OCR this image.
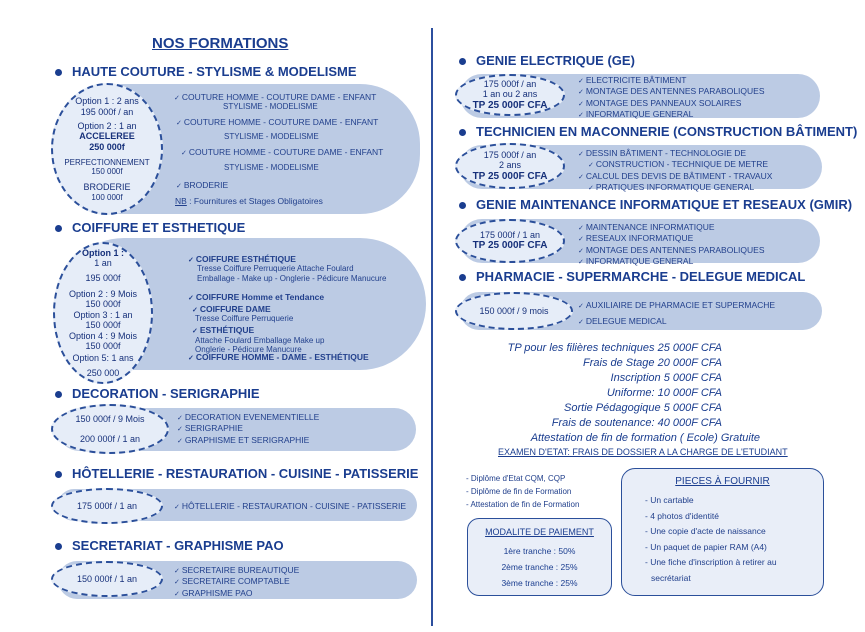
NOS FORMATIONS
HAUTE COUTURE - STYLISME & MODELISME
Option 1 : 2 ans
195 000f / an
Option 2 : 1 an
ACCELEREE
250 000f
PERFECTIONNEMENT
150 000f
BRODERIE
100 000f
✓ COUTURE HOMME - COUTURE DAME - ENFANT
STYLISME - MODELISME
✓ COUTURE HOMME - COUTURE DAME - ENFANT
STYLISME - MODELISME
✓ COUTURE HOMME - COUTURE DAME - ENFANT
STYLISME - MODELISME
✓ BRODERIE
NB : Fournitures et Stages Obligatoires
COIFFURE ET ESTHETIQUE
Option 1 :
1 an
195 000f
Option 2 : 9 Mois
150 000f
Option 3 : 1 an
150 000f
Option 4 : 9 Mois
150 000f
Option 5: 1 ans
250 000
✓ COIFFURE ESTHÉTIQUE
Tresse Coiffure Perruquerie Attache Foulard
Emballage - Make up - Onglerie - Pédicure Manucure
✓ COIFFURE Homme et Tendance
✓ COIFFURE DAME
Tresse Coiffure Perruquerie
✓ ESTHÉTIQUE
Attache Foulard Emballage Make up
Onglerie - Pédicure Manucure
✓ COIFFURE HOMME - DAME - ESTHÉTIQUE
DECORATION - SERIGRAPHIE
150 000f / 9 Mois
200 000f / 1 an
✓ DECORATION EVENEMENTIELLE
✓ SERIGRAPHIE
✓ GRAPHISME ET SERIGRAPHIE
HÔTELLERIE - RESTAURATION - CUISINE - PATISSERIE
175 000f / 1 an
✓	HÔTELLERIE - RESTAURATION - CUISINE - PATISSERIE
SECRETARIAT - GRAPHISME PAO
150 000f / 1 an
✓ SECRETAIRE BUREAUTIQUE
✓ SECRETAIRE COMPTABLE
✓ GRAPHISME PAO
GENIE ELECTRIQUE (GE)
175 000f / an
1 an ou 2 ans
TP 25 000F CFA
✓ ELECTRICITE BÂTIMENT
✓ MONTAGE DES ANTENNES PARABOLIQUES
✓ MONTAGE DES PANNEAUX SOLAIRES
✓ INFORMATIQUE GENERAL
TECHNICIEN EN MACONNERIE (CONSTRUCTION BÂTIMENT)
175 000f / an
2 ans
TP 25 000F CFA
✓ DESSIN BÂTIMENT - TECHNOLOGIE DE
✓ CONSTRUCTION - TECHNIQUE DE METRE
✓ CALCUL DES DEVIS DE BÂTIMENT - TRAVAUX
✓ PRATIQUES INFORMATIQUE GENERAL
GENIE MAINTENANCE INFORMATIQUE ET RESEAUX (GMIR)
175 000f / 1 an
TP 25 000F CFA
✓ MAINTENANCE INFORMATIQUE
✓ RESEAUX INFORMATIQUE
✓ MONTAGE DES ANTENNES PARABOLIQUES
✓ INFORMATIQUE GENERAL
PHARMACIE - SUPERMARCHE - DELEGUE MEDICAL
150 000f / 9 mois
✓ AUXILIAIRE DE PHARMACIE ET SUPERMACHE
✓ DELEGUE MEDICAL
TP pour les filières techniques 25 000F CFA
Frais de Stage 20 000F CFA
Inscription 5 000F CFA
Uniforme: 10 000F CFA
Sortie Pédagogique 5 000F CFA
Frais de soutenance: 40 000F CFA
Attestation de fin de formation ( Ecole) Gratuite
EXAMEN D'ETAT: FRAIS DE DOSSIER A LA CHARGE DE L'ETUDIANT
- Diplôme d'Etat CQM, CQP
- Diplôme de fin de Formation
- Attestation de fin de Formation
MODALITE DE PAIEMENT
1ère tranche : 50%
2ème tranche : 25%
3ème tranche : 25%
PIECES À FOURNIR
- Un cartable
- 4 photos d'identité
- Une copie d'acte de naissance
- Un paquet de papier RAM (A4)
- Une fiche d'inscription à retirer au
secrétariat
